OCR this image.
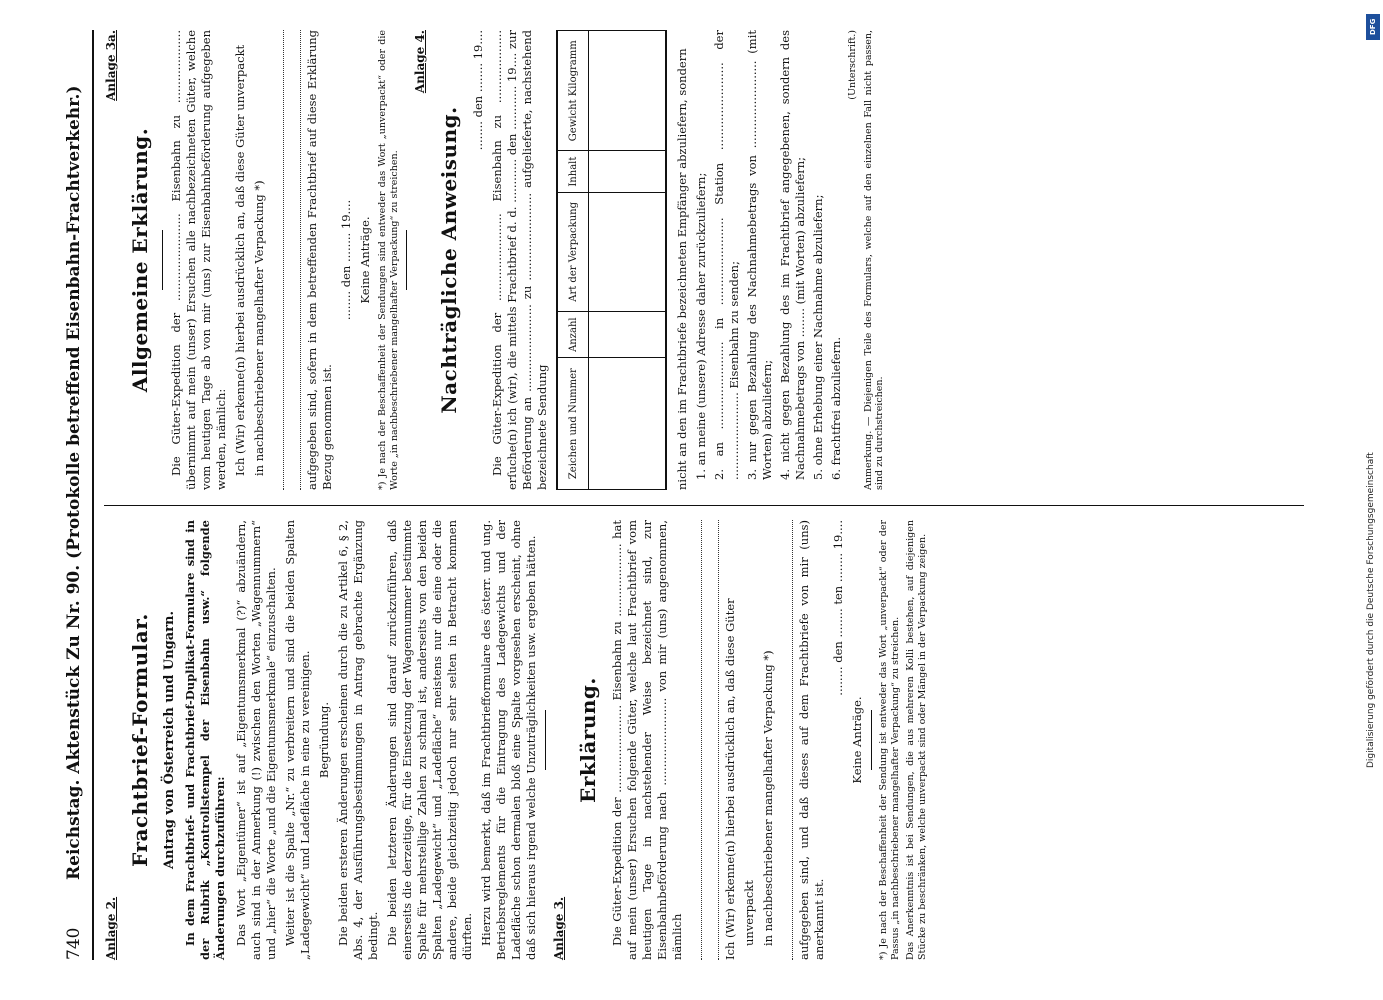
DFG
Digitalisierung gefördert durch die Deutsche Forschungsgemeinschaft
740
Reichstag. Aktenstück Zu Nr. 90. (Protokolle betreffend Eisenbahn-Frachtverkehr.)
Anlage 2.
Frachtbrief-Formular. Antrag von Österreich und Ungarn. In dem Frachtbrief- und Frachtbrief-Duplikat-Formulare sind in der Rubrik „Kontrollstempel der Eisenbahn usw.“ folgende Änderungen durchzuführen: Das Wort „Eigentümer“ ist auf „Eigentumsmerkmal (?)“ abzuändern, auch sind in der Anmerkung (!) zwischen den Worten „Wagennummern“ und „hier“ die Worte „und die Eigentumsmerkmale“ einzuschalten. Weiter ist die Spalte „Nr.“ zu verbreitern und sind die beiden Spalten „Ladegewicht“ und Ladefläche in eine zu vereinigen. Begründung. Die beiden ersteren Änderungen erscheinen durch die zu Artikel 6, § 2, Abs. 4, der Ausführungsbestimmungen in Antrag gebrachte Ergänzung bedingt. Die beiden letzteren Änderungen sind darauf zurückzuführen, daß einerseits die derzeitige, für die Einsetzung der Wagennummer bestimmte Spalte für mehrstellige Zahlen zu schmal ist, anderseits von den beiden Spalten „Ladegewicht“ und „Ladefläche“ meistens nur die eine oder die andere, beide gleichzeitig jedoch nur sehr selten in Betracht kommen dürften. Hierzu wird bemerkt, daß im Frachtbriefformulare des österr. und ung. Betriebsreglements für die Eintragung des Ladegewichts und der Ladefläche schon dermalen bloß eine Spalte vorgesehen erscheint, ohne daß sich hieraus irgend welche Unzuträglichkeiten usw. ergeben hätten. Anlage 3.
Erklärung. Die Güter-Expedition der ........................ Eisenbahn zu .................... hat auf mein (unser) Ersuchen folgende Güter, welche laut Frachtbrief vom heutigen Tage in nachstehender Weise bezeichnet sind, zur Eisenbahnbeförderung nach ........................ von mir (uns) angenommen, nämlich	Ich (Wir) erkenne(n) hierbei ausdrücklich an, daß diese Güter unverpackt in nachbeschriebener mangelhafter Verpackung *) aufgegeben sind, und daß dieses auf dem Frachtbriefe von mir (uns) anerkannt ist.

........ den ........ ten ........ 19....

Keine Anträge. *) Je nach der Beschaffenheit der Sendung ist entweder das Wort „unverpackt“ oder der Passus „in nachbeschriebener mangelhafter Verpackung“ zu streichen. Das Anerkenntnis ist bei Sendungen, die aus mehreren Kolli bestehen, auf diejenigen Stücke zu beschränken, welche unverpackt sind oder Mängel in der Verpackung zeigen.

Anlage 3a.
Allgemeine Erklärung. Die Güter-Expedition der ........................ Eisenbahn zu .................... übernimmt auf mein (unser) Ersuchen alle nachbezeichneten Güter, welche vom heutigen Tage ab von mir (uns) zur Eisenbahnbeförderung aufgegeben werden, nämlich: Ich (Wir) erkenne(n) hierbei ausdrücklich an, daß diese Güter unverpackt in nachbeschriebener mangelhafter Verpackung *)	aufgegeben sind, sofern in dem betreffenden Frachtbrief auf diese Erklärung Bezug genommen ist.

........ den ........ 19.... Keine Anträge. *) Je nach der Beschaffenheit der Sendungen sind entweder das Wort „unverpackt“ oder die Worte „in nachbeschriebener mangelhafter Verpackung“ zu streichen.

Anlage 4.
Nachträgliche Anweisung.

........ den ........ 19.... Die Güter-Expedition der ........................ Eisenbahn zu .................... erſuche(n) ich (wir), die mittels Frachtbrief d. d. ............ den ............ 19.... zur Beförderung an ........................ zu ........................ aufgelieferte, nachstehend bezeichnete Sendung Zeichen und Nummer	Anzahl	Art der Verpackung	Inhalt	Gewicht Kilogramm

					nicht an den im Frachtbriefe bezeichneten Empfänger abzuliefern, sondern 1. an meine (unsere) Adresse daher zurückzuliefern; 2. an ........................ in ........................ Station ........................ der ........................ Eisenbahn zu senden; 3. nur gegen Bezahlung des Nachnahmebetrags von ........................ (mit Worten) abzuliefern; 4. nicht gegen Bezahlung des im Frachtbrief angegebenen, sondern des Nachnahmebetrags von ........ (mit Worten) abzuliefern; 5. ohne Erhebung einer Nachnahme abzuliefern; 6. frachtfrei abzuliefern.

(Unterschrift.) Anmerkung. — Diejenigen Teile des Formulars, welche auf den einzelnen Fall nicht passen, sind zu durchstreichen.
